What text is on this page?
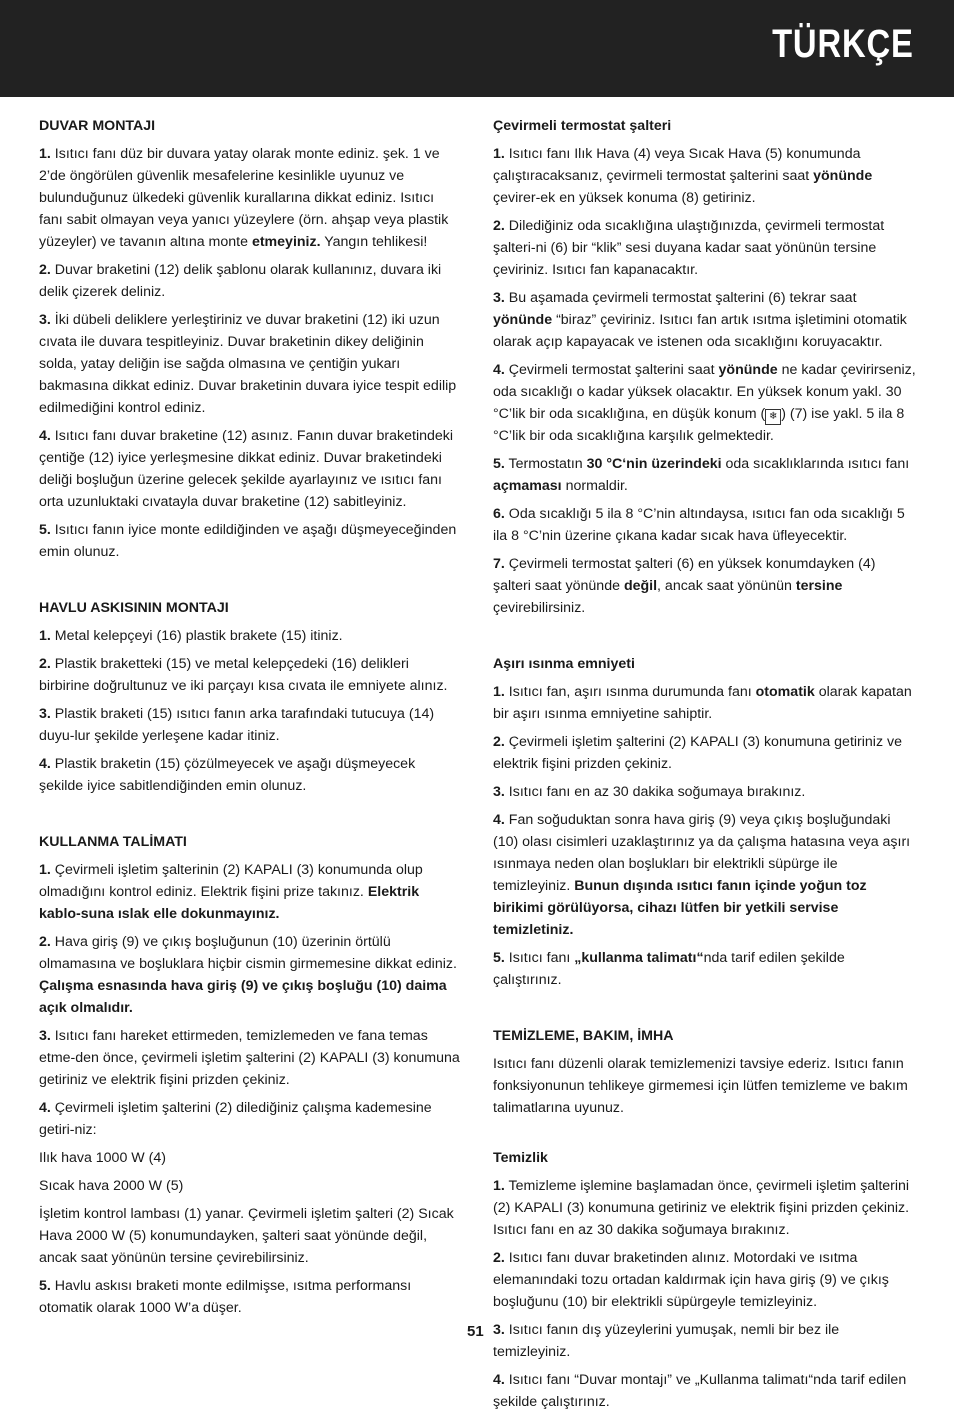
TÜRKÇE
DUVAR MONTAJI

1. Isıtıcı fanı düz bir duvara yatay olarak monte ediniz. şek. 1 ve 2’de öngörülen güvenlik mesafelerine kesinlikle uyunuz ve bulunduğunuz ülkedeki güvenlik kurallarına dikkat ediniz. Isıtıcı fanı sabit olmayan veya yanıcı yüzeylere (örn. ahşap veya plastik yüzeyler) ve tavanın altına monte etmeyiniz. Yangın tehlikesi!

2. Duvar braketini (12) delik şablonu olarak kullanınız, duvara iki delik çizerek deliniz.

3. İki dübeli deliklere yerleştiriniz ve duvar braketini (12) iki uzun cıvata ile duvara tespitleyiniz. Duvar braketinin dikey deliğinin solda, yatay deliğin ise sağda olmasına ve çentiğin yukarı bakmasına dikkat ediniz. Duvar braketinin duvara iyice tespit edilip edilmediğini kontrol ediniz.

4. Isıtıcı fanı duvar braketine (12) asınız. Fanın duvar braketindeki çentiğe (12) iyice yerleşmesine dikkat ediniz. Duvar braketindeki deliği boşluğun üzerine gelecek şekilde ayarlayınız ve ısıtıcı fanı orta uzunluktaki cıvatayla duvar braketine (12) sabitleyiniz.

5. Isıtıcı fanın iyice monte edildiğinden ve aşağı düşmeyeceğinden emin olunuz.

HAVLU ASKISININ MONTAJI

1. Metal kelepçeyi (16) plastik brakete (15) itiniz.

2. Plastik braketteki (15) ve metal kelepçedeki (16) delikleri birbirine doğrultunuz ve iki parçayı kısa cıvata ile emniyete alınız.

3. Plastik braketi (15) ısıtıcı fanın arka tarafındaki tutucuya (14) duyu-lur şekilde yerleşene kadar itiniz.

4. Plastik braketin (15) çözülmeyecek ve aşağı düşmeyecek şekilde iyice sabitlendiğinden emin olunuz.

KULLANMA TALİMATI

1. Çevirmeli işletim şalterinin (2) KAPALI (3) konumunda olup olmadığını kontrol ediniz. Elektrik fişini prize takınız. Elektrik kablo-suna ıslak elle dokunmayınız.

2. Hava giriş (9) ve çıkış boşluğunun (10) üzerinin örtülü olmamasına ve boşluklara hiçbir cismin girmemesine dikkat ediniz. Çalışma esnasında hava giriş (9) ve çıkış boşluğu (10) daima açık olmalıdır.

3. Isıtıcı fanı hareket ettirmeden, temizlemeden ve fana temas etme-den önce, çevirmeli işletim şalterini (2) KAPALI (3) konumuna getiriniz ve elektrik fişini prizden çekiniz.

4. Çevirmeli işletim şalterini (2) dilediğiniz çalışma kademesine getiri-niz:

Ilık hava 1000 W (4)

Sıcak hava 2000 W (5)

İşletim kontrol lambası (1) yanar. Çevirmeli işletim şalteri (2) Sıcak Hava 2000 W (5) konumundayken, şalteri saat yönünde değil, ancak saat yönünün tersine çevirebilirsiniz.

5. Havlu askısı braketi monte edilmişse, ısıtma performansı otomatik olarak 1000 W’a düşer.

Çevirmeli termostat şalteri

1. Isıtıcı fanı Ilık Hava (4) veya Sıcak Hava (5) konumunda çalıştıracaksanız, çevirmeli termostat şalterini saat yönünde çevirer-ek en yüksek konuma (8) getiriniz.

2. Dilediğiniz oda sıcaklığına ulaştığınızda, çevirmeli termostat şalteri-ni (6) bir “klik” sesi duyana kadar saat yönünün tersine çeviriniz. Isıtıcı fan kapanacaktır.

3. Bu aşamada çevirmeli termostat şalterini (6) tekrar saat yönünde “biraz” çeviriniz. Isıtıcı fan artık ısıtma işletimini otomatik olarak açıp kapayacak ve istenen oda sıcaklığını koruyacaktır.

4. Çevirmeli termostat şalterini saat yönünde ne kadar çevirirseniz, oda sıcaklığı o kadar yüksek olacaktır. En yüksek konum yakl. 30 °C’lik bir oda sıcaklığına, en düşük konum ( ❄ ) (7) ise yakl. 5 ila 8 °C’lik bir oda sıcaklığına karşılık gelmektedir.

5. Termostatın 30 °C‘nin üzerindeki oda sıcaklıklarında ısıtıcı fanı açmaması normaldir.

6. Oda sıcaklığı 5 ila 8 °C’nin altındaysa, ısıtıcı fan oda sıcaklığı 5 ila 8 °C’nin üzerine çıkana kadar sıcak hava üfleyecektir.

7. Çevirmeli termostat şalteri (6) en yüksek konumdayken (4) şalteri saat yönünde değil, ancak saat yönünün tersine çevirebilirsiniz.

Aşırı ısınma emniyeti

1. Isıtıcı fan, aşırı ısınma durumunda fanı otomatik olarak kapatan bir aşırı ısınma emniyetine sahiptir.

2. Çevirmeli işletim şalterini (2) KAPALI (3) konumuna getiriniz ve elektrik fişini prizden çekiniz.

3. Isıtıcı fanı en az 30 dakika soğumaya bırakınız.

4. Fan soğuduktan sonra hava giriş (9) veya çıkış boşluğundaki (10) olası cisimleri uzaklaştırınız ya da çalışma hatasına veya aşırı ısınmaya neden olan boşlukları bir elektrikli süpürge ile temizleyiniz. Bunun dışında ısıtıcı fanın içinde yoğun toz birikimi görülüyorsa, cihazı lütfen bir yetkili servise temizletiniz.

5. Isıtıcı fanı „kullanma talimatı“nda tarif edilen şekilde çalıştırınız.

TEMİZLEME, BAKIM, İMHA

Isıtıcı fanı düzenli olarak temizlemenizi tavsiye ederiz. Isıtıcı fanın fonksiyonunun tehlikeye girmemesi için lütfen temizleme ve bakım talimatlarına uyunuz.

Temizlik

1. Temizleme işlemine başlamadan önce, çevirmeli işletim şalterini (2) KAPALI (3) konumuna getiriniz ve elektrik fişini prizden çekiniz. Isıtıcı fanı en az 30 dakika soğumaya bırakınız.

2. Isıtıcı fanı duvar braketinden alınız. Motordaki ve ısıtma elemanındaki tozu ortadan kaldırmak için hava giriş (9) ve çıkış boşluğunu (10) bir elektrikli süpürgeyle temizleyiniz.

3. Isıtıcı fanın dış yüzeylerini yumuşak, nemli bir bez ile temizleyiniz.

4. Isıtıcı fanı “Duvar montajı” ve „Kullanma talimatı“nda tarif edilen şekilde çalıştırınız.

51
